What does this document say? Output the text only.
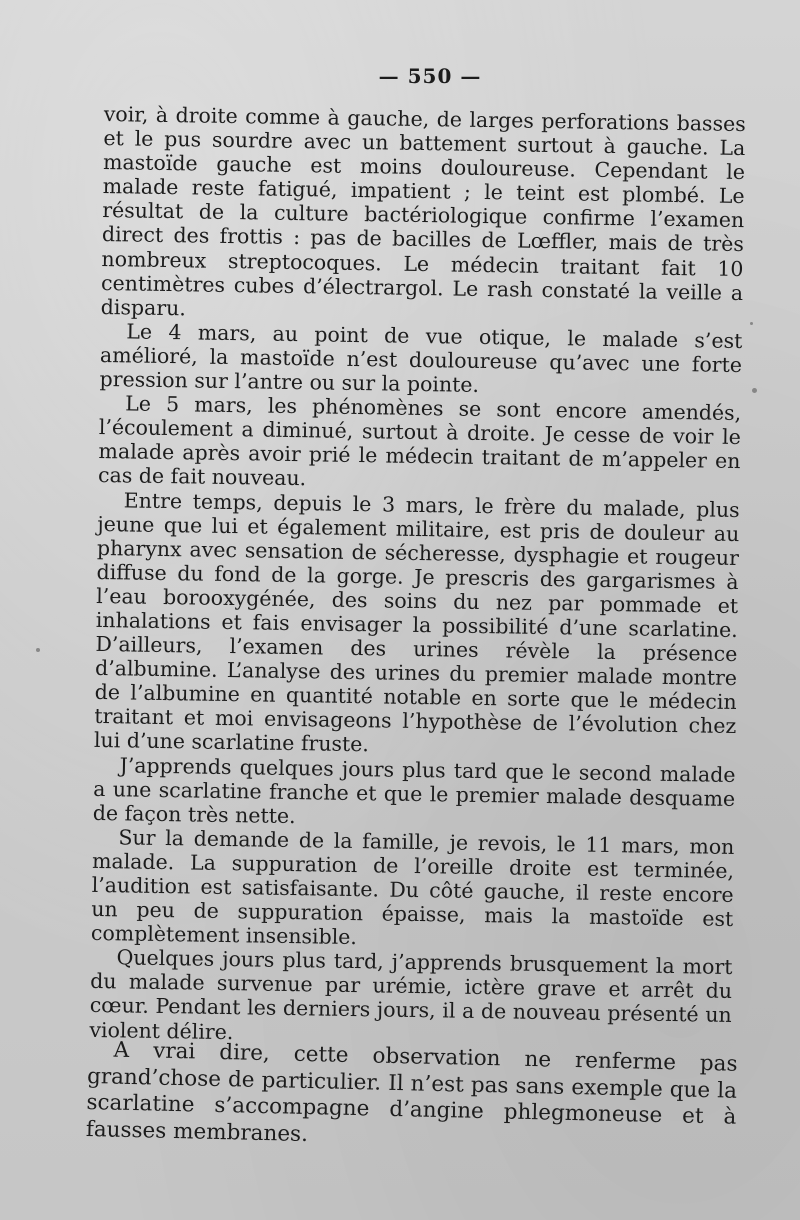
— 550 —

voir, à droite comme à gauche, de larges perforations basses et le pus sourdre avec un battement surtout à gauche. La mastoïde gauche est moins douloureuse. Cependant le malade reste fatigué, impatient ; le teint est plombé. Le résultat de la culture bactériologique confirme l’examen direct des frottis : pas de bacilles de Lœffler, mais de très nombreux streptocoques. Le médecin traitant fait 10 centimètres cubes d’électrargol. Le rash constaté la veille a disparu.

Le 4 mars, au point de vue otique, le malade s’est amélioré, la mastoïde n’est douloureuse qu’avec une forte pression sur l’antre ou sur la pointe.

Le 5 mars, les phénomènes se sont encore amendés, l’écoulement a diminué, surtout à droite. Je cesse de voir le malade après avoir prié le médecin traitant de m’appeler en cas de fait nouveau.

Entre temps, depuis le 3 mars, le frère du malade, plus jeune que lui et également militaire, est pris de douleur au pharynx avec sensation de sécheresse, dysphagie et rougeur diffuse du fond de la gorge. Je prescris des gargarismes à l’eau borooxygénée, des soins du nez par pommade et inhalations et fais envisager la possibilité d’une scarlatine. D’ailleurs, l’examen des urines révèle la présence d’albumine. L’analyse des urines du premier malade montre de l’albumine en quantité notable en sorte que le médecin traitant et moi envisageons l’hypothèse de l’évolution chez lui d’une scarlatine fruste.

J’apprends quelques jours plus tard que le second malade a une scarlatine franche et que le premier malade desquame de façon très nette.

Sur la demande de la famille, je revois, le 11 mars, mon malade. La suppuration de l’oreille droite est terminée, l’audition est satisfaisante. Du côté gauche, il reste encore un peu de suppuration épaisse, mais la mastoïde est complètement insensible.

Quelques jours plus tard, j’apprends brusquement la mort du malade survenue par urémie, ictère grave et arrêt du cœur. Pendant les derniers jours, il a de nouveau présenté un violent délire.

A vrai dire, cette observation ne renferme pas grand’chose de particulier. Il n’est pas sans exemple que la scarlatine s’accompagne d’angine phlegmoneuse et à fausses membranes.
